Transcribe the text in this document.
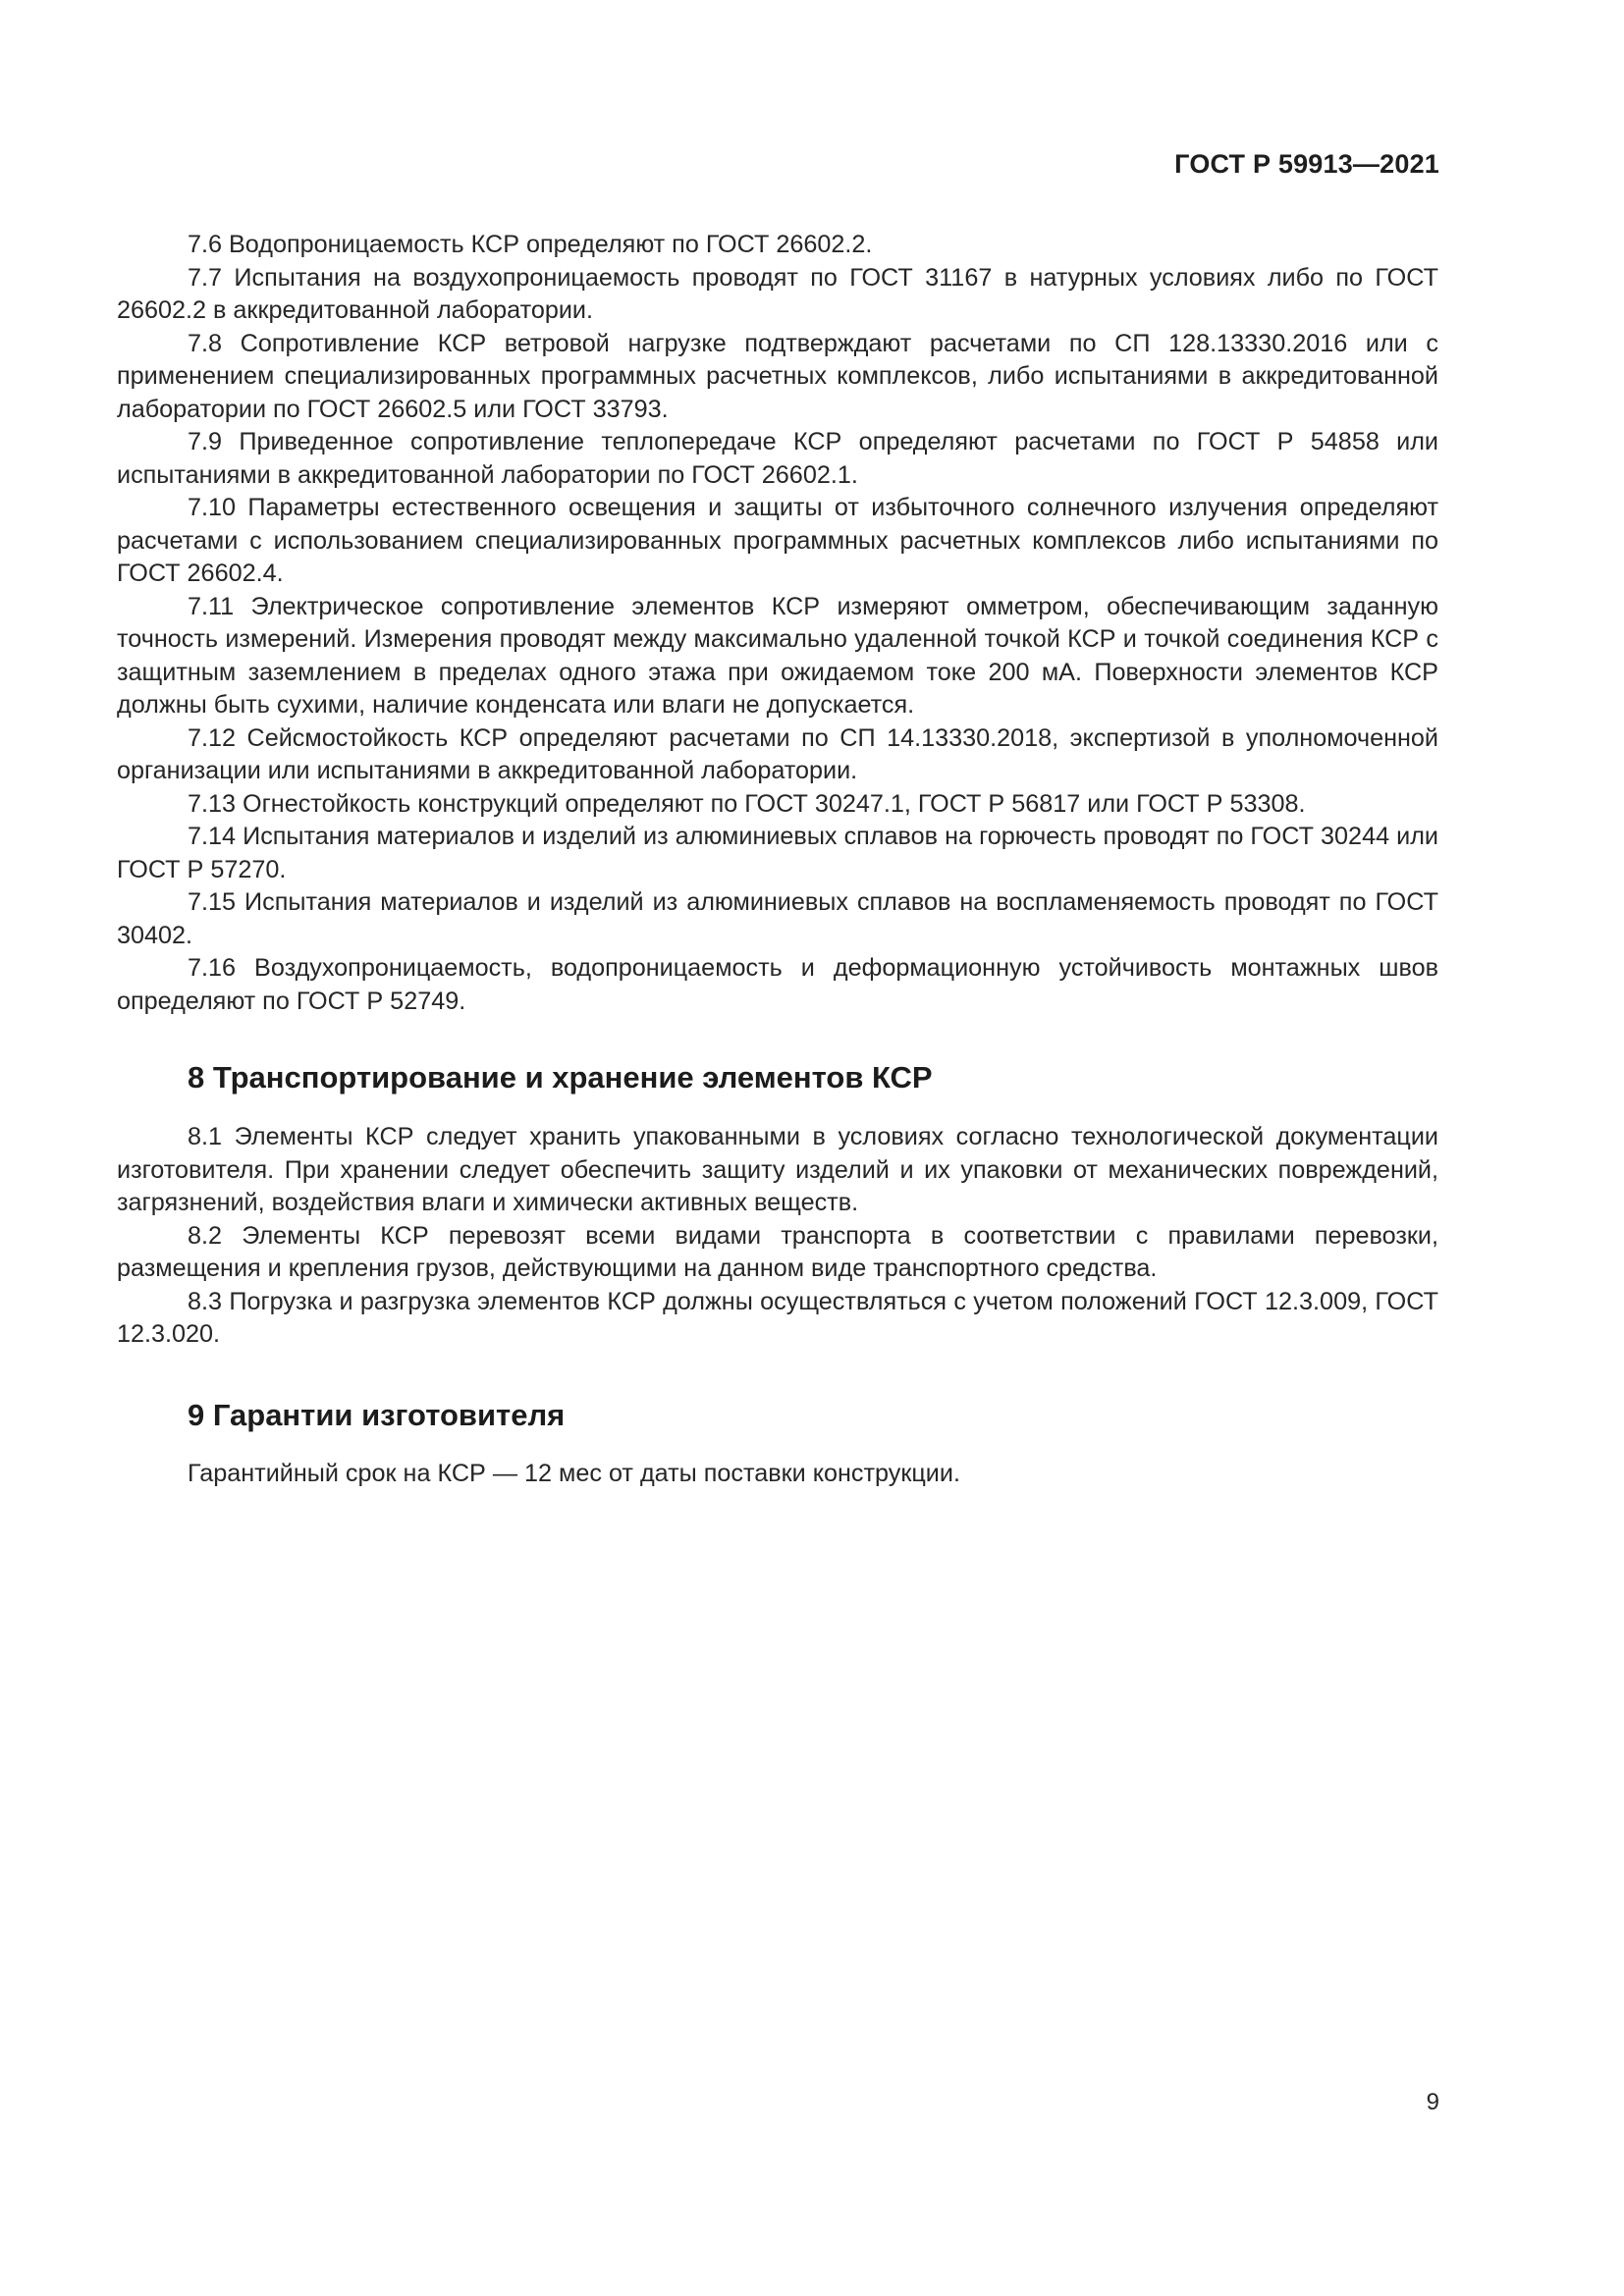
ГОСТ Р 59913—2021

7.6 Водопроницаемость КСР определяют по ГОСТ 26602.2.

7.7 Испытания на воздухопроницаемость проводят по ГОСТ 31167 в натурных условиях либо по ГОСТ 26602.2 в аккредитованной лаборатории.

7.8 Сопротивление КСР ветровой нагрузке подтверждают расчетами по СП 128.13330.2016 или с применением специализированных программных расчетных комплексов, либо испытаниями в аккредитованной лаборатории по ГОСТ 26602.5 или ГОСТ 33793.

7.9 Приведенное сопротивление теплопередаче КСР определяют расчетами по ГОСТ Р 54858 или испытаниями в аккредитованной лаборатории по ГОСТ 26602.1.

7.10 Параметры естественного освещения и защиты от избыточного солнечного излучения определяют расчетами с использованием специализированных программных расчетных комплексов либо испытаниями по ГОСТ 26602.4.

7.11 Электрическое сопротивление элементов КСР измеряют омметром, обеспечивающим заданную точность измерений. Измерения проводят между максимально удаленной точкой КСР и точкой соединения КСР с защитным заземлением в пределах одного этажа при ожидаемом токе 200 мА. Поверхности элементов КСР должны быть сухими, наличие конденсата или влаги не допускается.

7.12 Сейсмостойкость КСР определяют расчетами по СП 14.13330.2018, экспертизой в уполномоченной организации или испытаниями в аккредитованной лаборатории.

7.13 Огнестойкость конструкций определяют по ГОСТ 30247.1, ГОСТ Р 56817 или ГОСТ Р 53308.

7.14 Испытания материалов и изделий из алюминиевых сплавов на горючесть проводят по ГОСТ 30244 или ГОСТ Р 57270.

7.15 Испытания материалов и изделий из алюминиевых сплавов на воспламеняемость проводят по ГОСТ 30402.

7.16 Воздухопроницаемость, водопроницаемость и деформационную устойчивость монтажных швов определяют по ГОСТ Р 52749.

8 Транспортирование и хранение элементов КСР

8.1 Элементы КСР следует хранить упакованными в условиях согласно технологической документации изготовителя. При хранении следует обеспечить защиту изделий и их упаковки от механических повреждений, загрязнений, воздействия влаги и химически активных веществ.

8.2 Элементы КСР перевозят всеми видами транспорта в соответствии с правилами перевозки, размещения и крепления грузов, действующими на данном виде транспортного средства.

8.3 Погрузка и разгрузка элементов КСР должны осуществляться с учетом положений ГОСТ 12.3.009, ГОСТ 12.3.020.

9 Гарантии изготовителя

Гарантийный срок на КСР — 12 мес от даты поставки конструкции.

9
